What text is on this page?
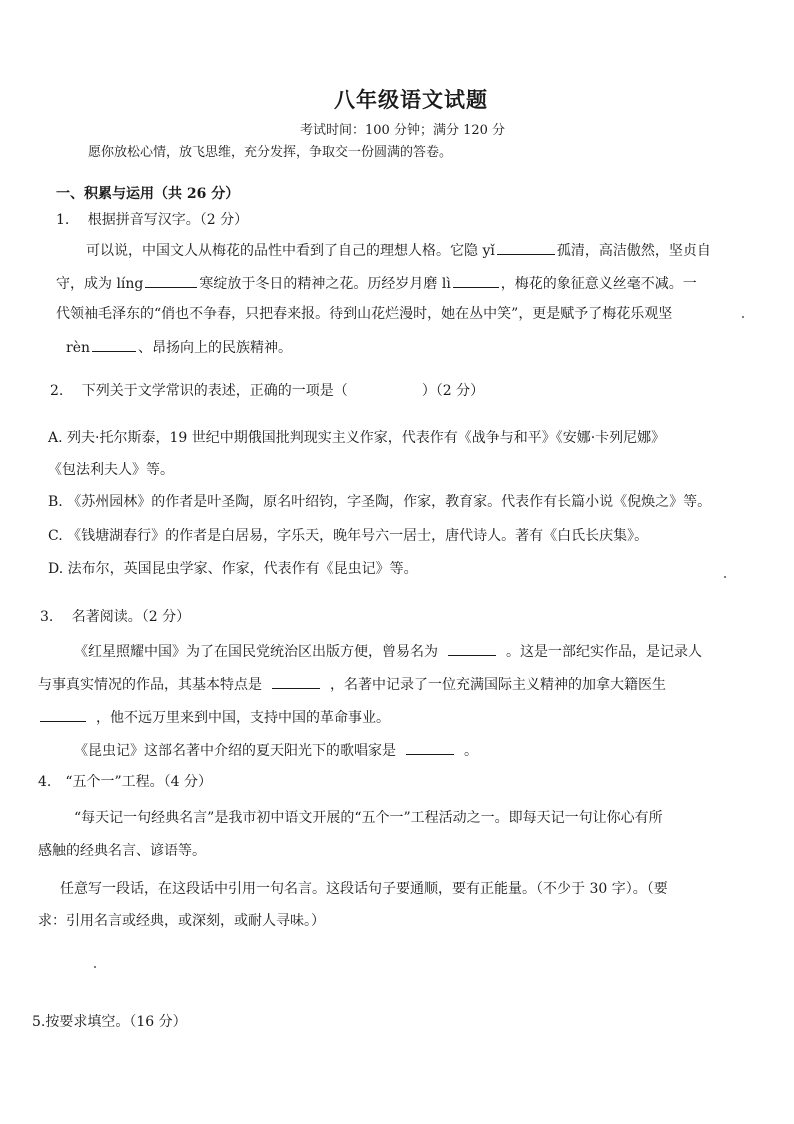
八年级语文试题
考试时间：100 分钟；满分 120 分
愿你放松心情，放飞思维，充分发挥，争取交一份圆满的答卷。
一、积累与运用（共 26 分）
1.　 根据拼音写汉字。（2 分）
可以说，中国文人从梅花的品性中看到了自己的理想人格。它隐 yǐ	孤清，高洁傲然，坚贞自
守，成为 líng	寒绽放于冬日的精神之花。历经岁月磨 lì	，梅花的象征意义丝毫不减。一
代领袖毛泽东的“俏也不争春，只把春来报。待到山花烂漫时，她在丛中笑”，更是赋予了梅花乐观坚
rèn	、昂扬向上的民族精神。
2.　 下列关于文学常识的表述，正确的一项是（	）（2 分）
A. 列夫·托尔斯泰，19 世纪中期俄国批判现实主义作家，代表作有《战争与和平》《安娜·卡列尼娜》
《包法利夫人》等。
B. 《苏州园林》的作者是叶圣陶，原名叶绍钧，字圣陶，作家，教育家。代表作有长篇小说《倪焕之》等。
C. 《钱塘湖春行》的作者是白居易，字乐天，晚年号六一居士，唐代诗人。著有《白氏长庆集》。
D. 法布尔，英国昆虫学家、作家，代表作有《昆虫记》等。
3.　 名著阅读。（2 分）
《红星照耀中国》为了在国民党统治区出版方便，曾易名为	。这是一部纪实作品，是记录人
与事真实情况的作品，其基本特点是	，名著中记录了一位充满国际主义精神的加拿大籍医生
，他不远万里来到中国，支持中国的革命事业。
《昆虫记》这部名著中介绍的夏天阳光下的歌唱家是	。
4.　“五个一”工程。（4 分）
“每天记一句经典名言”是我市初中语文开展的“五个一”工程活动之一。即每天记一句让你心有所
感触的经典名言、谚语等。
任意写一段话，在这段话中引用一句名言。这段话句子要通顺，要有正能量。（不少于 30 字）。（要
求：引用名言或经典，或深刻，或耐人寻味。）
5.按要求填空。（16 分）
